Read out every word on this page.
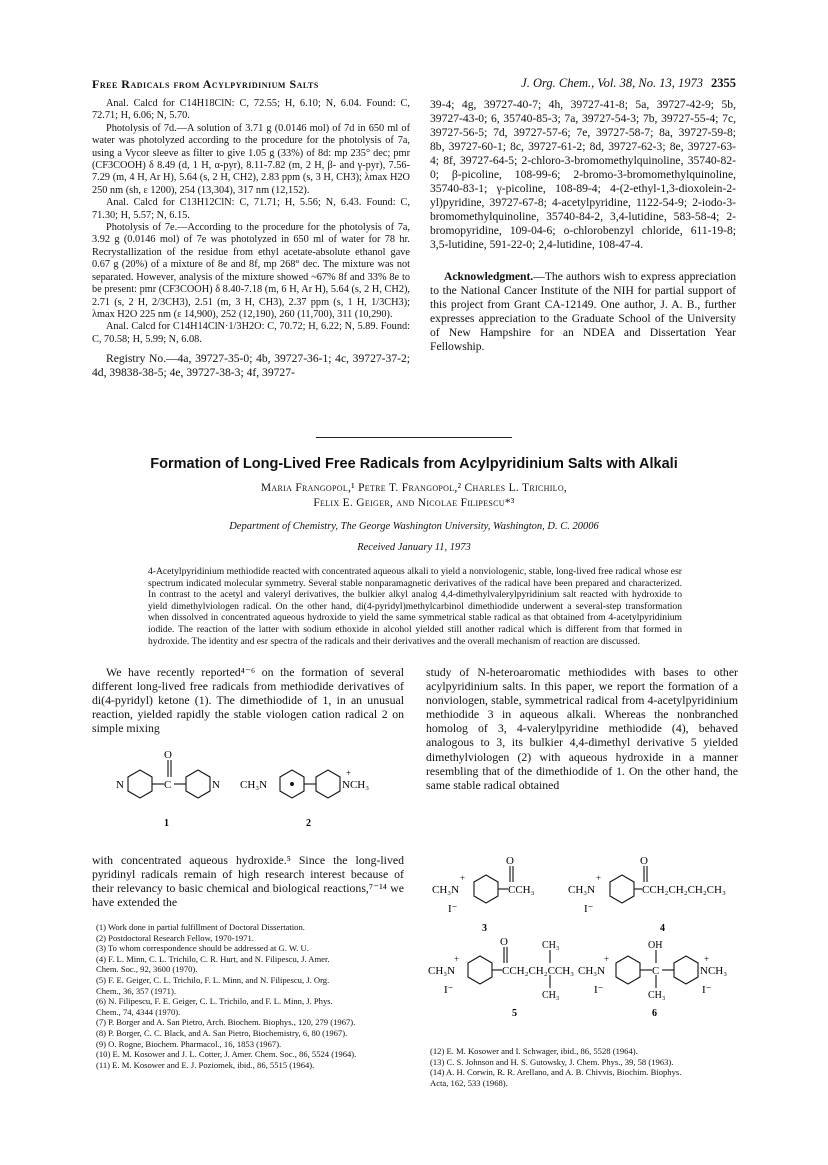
Free Radicals from Acylpyridinium Salts	J. Org. Chem., Vol. 38, No. 13, 1973 2355

Anal. Calcd for C14H18ClN: C, 72.55; H, 6.10; N, 6.04. Found: C, 72.71; H, 6.06; N, 5.70.

Photolysis of 7d.—A solution of 3.71 g (0.0146 mol) of 7d in 650 ml of water was photolyzed according to the procedure for the photolysis of 7a, using a Vycor sleeve as filter to give 1.05 g (33%) of 8d: mp 235° dec; pmr (CF3COOH) δ 8.49 (d, 1 H, α-pyr), 8.11-7.82 (m, 2 H, β- and γ-pyr), 7.56-7.29 (m, 4 H, Ar H), 5.64 (s, 2 H, CH2), 2.83 ppm (s, 3 H, CH3); λmax H2O 250 nm (sh, ε 1200), 254 (13,304), 317 nm (12,152).

Anal. Calcd for C13H12ClN: C, 71.71; H, 5.56; N, 6.43. Found: C, 71.30; H, 5.57; N, 6.15.

Photolysis of 7e.—According to the procedure for the photolysis of 7a, 3.92 g (0.0146 mol) of 7e was photolyzed in 650 ml of water for 78 hr. Recrystallization of the residue from ethyl acetate-absolute ethanol gave 0.67 g (20%) of a mixture of 8e and 8f, mp 268° dec. The mixture was not separated. However, analysis of the mixture showed ~67% 8f and 33% 8e to be present: pmr (CF3COOH) δ 8.40-7.18 (m, 6 H, Ar H), 5.64 (s, 2 H, CH2), 2.71 (s, 2 H, 2/3CH3), 2.51 (m, 3 H, CH3), 2.37 ppm (s, 1 H, 1/3CH3); λmax H2O 225 nm (ε 14,900), 252 (12,190), 260 (11,700), 311 (10,290).

Anal. Calcd for C14H14ClN·1/3H2O: C, 70.72; H, 6.22; N, 5.89. Found: C, 70.58; H, 5.99; N, 6.08.

Registry No.—4a, 39727-35-0; 4b, 39727-36-1; 4c, 39727-37-2; 4d, 39838-38-5; 4e, 39727-38-3; 4f, 39727-

39-4; 4g, 39727-40-7; 4h, 39727-41-8; 5a, 39727-42-9; 5b, 39727-43-0; 6, 35740-85-3; 7a, 39727-54-3; 7b, 39727-55-4; 7c, 39727-56-5; 7d, 39727-57-6; 7e, 39727-58-7; 8a, 39727-59-8; 8b, 39727-60-1; 8c, 39727-61-2; 8d, 39727-62-3; 8e, 39727-63-4; 8f, 39727-64-5; 2-chloro-3-bromomethylquinoline, 35740-82-0; β-picoline, 108-99-6; 2-bromo-3-bromomethylquinoline, 35740-83-1; γ-picoline, 108-89-4; 4-(2-ethyl-1,3-dioxolein-2-yl)pyridine, 39727-67-8; 4-acetylpyridine, 1122-54-9; 2-iodo-3-bromomethylquinoline, 35740-84-2, 3,4-lutidine, 583-58-4; 2-bromopyridine, 109-04-6; o-chlorobenzyl chloride, 611-19-8; 3,5-lutidine, 591-22-0; 2,4-lutidine, 108-47-4.

Acknowledgment.—The authors wish to express appreciation to the National Cancer Institute of the NIH for partial support of this project from Grant CA-12149. One author, J. A. B., further expresses appreciation to the Graduate School of the University of New Hampshire for an NDEA and Dissertation Year Fellowship.

Formation of Long-Lived Free Radicals from Acylpyridinium Salts with Alkali
Maria Frangopol,¹ Petre T. Frangopol,² Charles L. Trichilo,
Felix E. Geiger, and Nicolae Filipescu*³
Department of Chemistry, The George Washington University, Washington, D. C. 20006
Received January 11, 1973
4-Acetylpyridinium methiodide reacted with concentrated aqueous alkali to yield a nonviologenic, stable, long-lived free radical whose esr spectrum indicated molecular symmetry. Several stable nonparamagnetic derivatives of the radical have been prepared and characterized. In contrast to the acetyl and valeryl derivatives, the bulkier alkyl analog 4,4-dimethylvalerylpyridinium salt reacted with hydroxide to yield dimethylviologen radical. On the other hand, di(4-pyridyl)methylcarbinol dimethiodide underwent a several-step transformation when dissolved in concentrated aqueous hydroxide to yield the same symmetrical stable radical as that obtained from 4-acetylpyridinium iodide. The reaction of the latter with sodium ethoxide in alcohol yielded still another radical which is different from that formed in hydroxide. The identity and esr spectra of the radicals and their derivatives and the overall mechanism of reaction are discussed.

We have recently reported⁴⁻⁶ on the formation of several different long-lived free radicals from methiodide derivatives of di(4-pyridyl) ketone (1). The dimethiodide of 1, in an unusual reaction, yielded rapidly the stable viologen cation radical 2 on simple mixing

N
O
C	N
1
CH₃N	NCH₃
+
2

with concentrated aqueous hydroxide.⁵ Since the long-lived pyridinyl radicals remain of high research interest because of their relevancy to basic chemical and biological reactions,⁷⁻¹⁴ we have extended the

(1) Work done in partial fulfillment of Doctoral Dissertation.
(2) Postdoctoral Research Fellow, 1970-1971.
(3) To whom correspondence should be addressed at G. W. U.
(4) F. L. Minn, C. L. Trichilo, C. R. Hurt, and N. Filipescu, J. Amer.
Chem. Soc., 92, 3600 (1970).
(5) F. E. Geiger, C. L. Trichilo, F. L. Minn, and N. Filipescu, J. Org.
Chem., 36, 357 (1971).
(6) N. Filipescu, F. E. Geiger, C. L. Trichilo, and F. L. Minn, J. Phys.
Chem., 74, 4344 (1970).
(7) P. Borger and A. San Pietro, Arch. Biochem. Biophys., 120, 279 (1967).
(8) P. Borger, C. C. Black, and A. San Pietro, Biochemistry, 6, 80 (1967).
(9) O. Rogne, Biochem. Pharmacol., 16, 1853 (1967).
(10) E. M. Kosower and J. L. Cotter, J. Amer. Chem. Soc., 86, 5524 (1964).
(11) E. M. Kosower and E. J. Poziomek, ibid., 86, 5515 (1964).

study of N-heteroaromatic methiodides with bases to other acylpyridinium salts. In this paper, we report the formation of a nonviologen, stable, symmetrical radical from 4-acetylpyridinium methiodide 3 in aqueous alkali. Whereas the nonbranched homolog of 3, 4-valerylpyridine methiodide (4), behaved analogous to 3, its bulkier 4,4-dimethyl derivative 5 yielded dimethylviologen (2) with aqueous hydroxide in a manner resembling that of the dimethiodide of 1. On the other hand, the same stable radical obtained

CH₃N
+
O
CCH₃
I⁻
3
CH₃N
+
O
CCH₂CH₂CH₂CH₃
I⁻
4
CH₃N
+
O	CH₃
CCH₂CH₂CCH₃
CH₃
I⁻
5
CH₃N
+
OH
C
CH₃
NCH₃
+
I⁻	I⁻
6
(12) E. M. Kosower and I. Schwager, ibid., 86, 5528 (1964).
(13) C. S. Johnson and H. S. Gutowsky, J. Chem. Phys., 39, 58 (1963).
(14) A. H. Corwin, R. R. Arellano, and A. B. Chivvis, Biochim. Biophys.
Acta, 162, 533 (1968).
